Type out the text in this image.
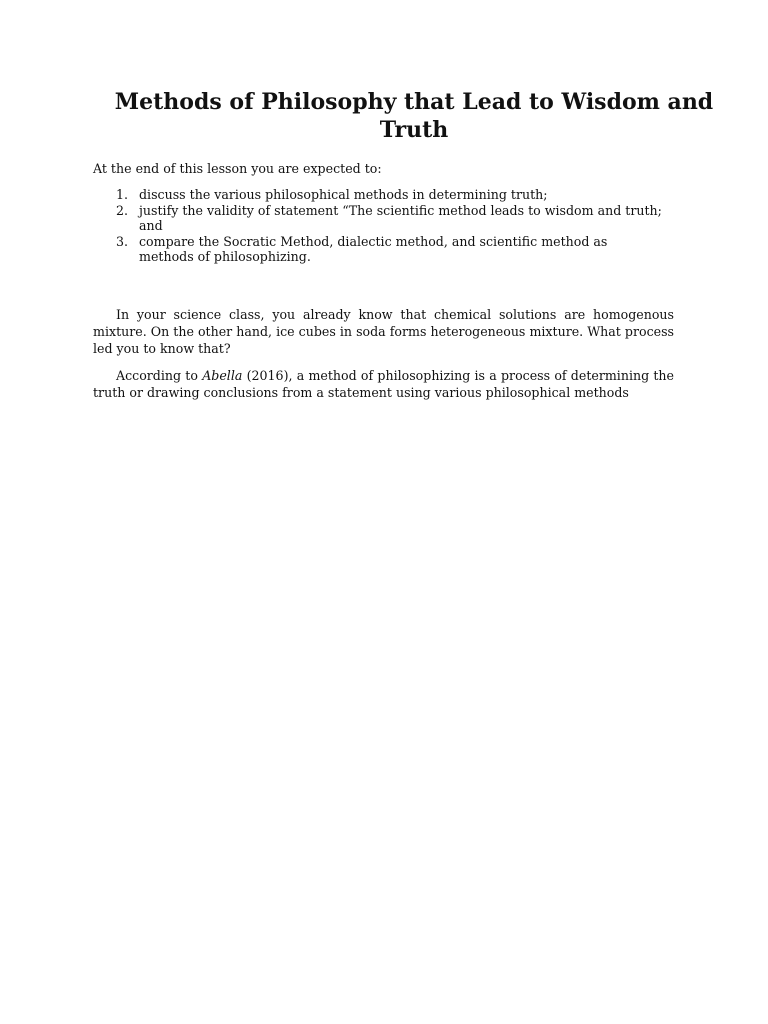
Methods of Philosophy that Lead to Wisdom and Truth

At the end of this lesson you are expected to:

1. discuss the various philosophical methods in determining truth;
2. justify the validity of statement “The scientific method leads to wisdom and truth; and
3. compare the Socratic Method, dialectic method, and scientific method as methods of philosophizing.

In your science class, you already know that chemical solutions are homogenous mixture. On the other hand, ice cubes in soda forms heterogeneous mixture. What process led you to know that?

According to Abella (2016), a method of philosophizing is a process of determining the truth or drawing conclusions from a statement using various philosophical methods
